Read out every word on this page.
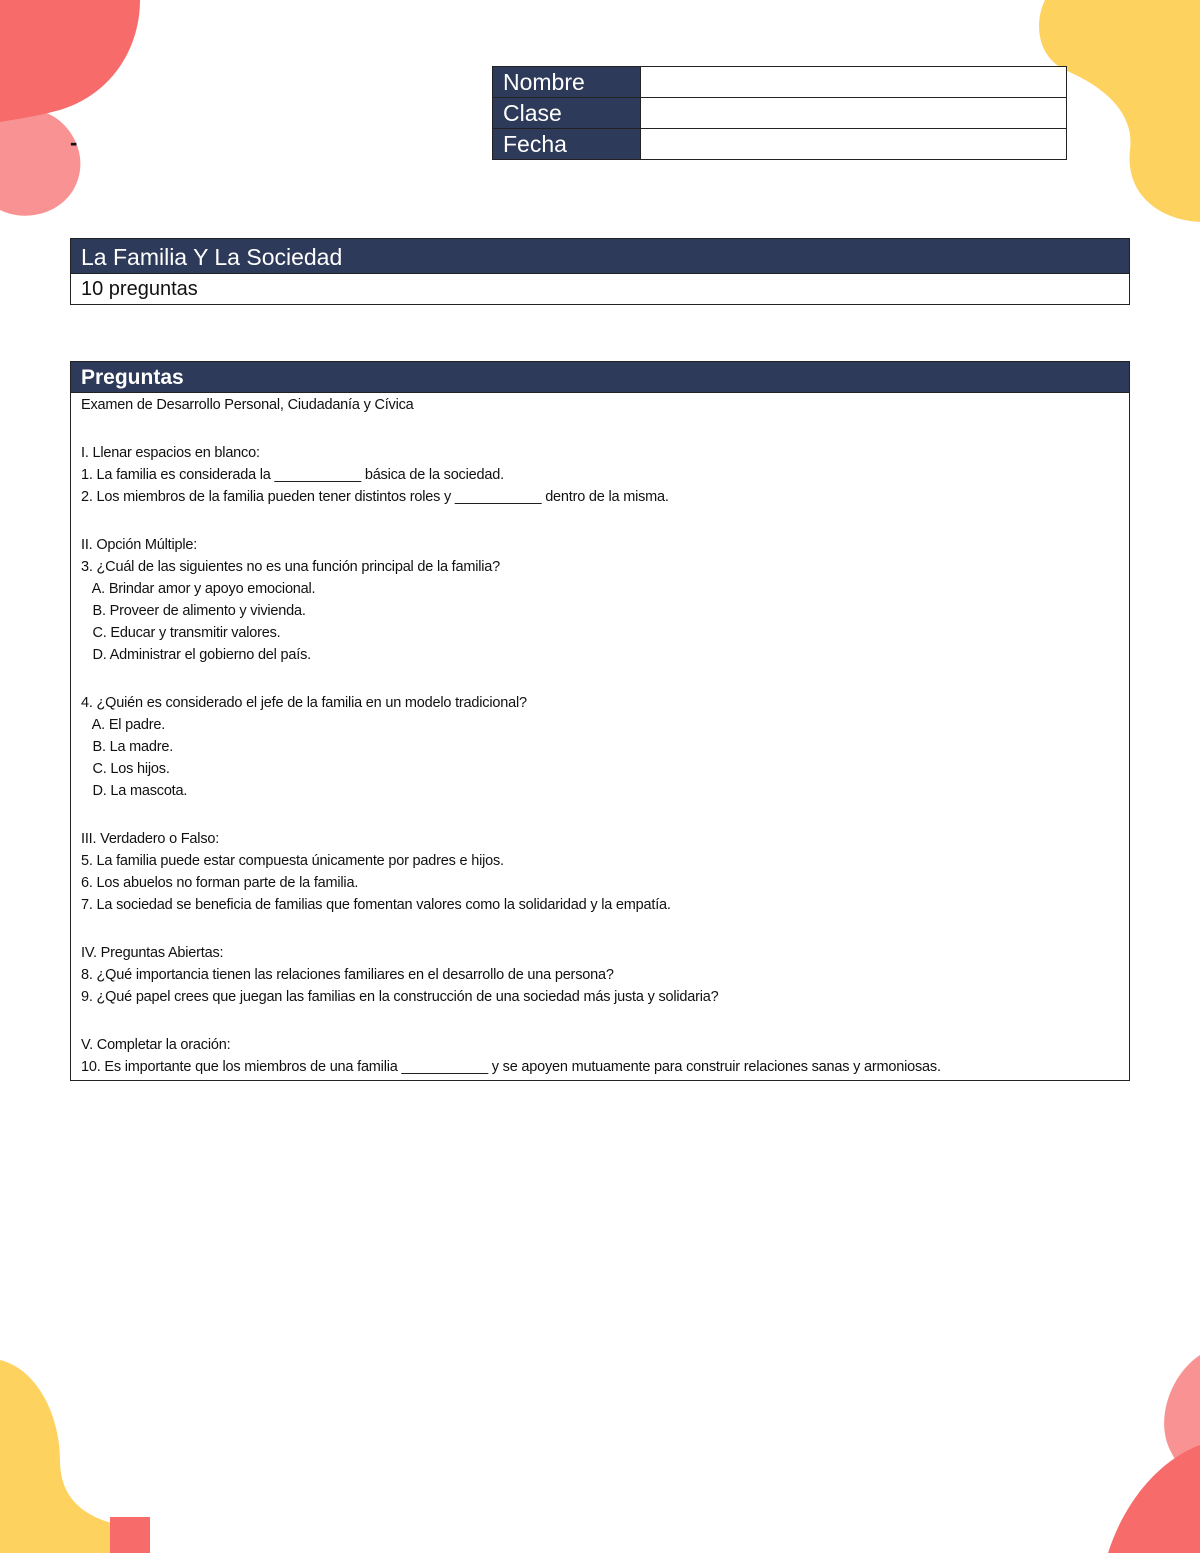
-
Nombre	
Clase	
Fecha	
La Familia Y La Sociedad
10 preguntas
Preguntas
Examen de Desarrollo Personal, Ciudadanía y Cívica
I. Llenar espacios en blanco:
1. La familia es considerada la ___________ básica de la sociedad.
2. Los miembros de la familia pueden tener distintos roles y ___________ dentro de la misma.
II. Opción Múltiple:
3. ¿Cuál de las siguientes no es una función principal de la familia?
A. Brindar amor y apoyo emocional.
B. Proveer de alimento y vivienda.
C. Educar y transmitir valores.
D. Administrar el gobierno del país.
4. ¿Quién es considerado el jefe de la familia en un modelo tradicional?
A. El padre.
B. La madre.
C. Los hijos.
D. La mascota.
III. Verdadero o Falso:
5. La familia puede estar compuesta únicamente por padres e hijos.
6. Los abuelos no forman parte de la familia.
7. La sociedad se beneficia de familias que fomentan valores como la solidaridad y la empatía.
IV. Preguntas Abiertas:
8. ¿Qué importancia tienen las relaciones familiares en el desarrollo de una persona?
9. ¿Qué papel crees que juegan las familias en la construcción de una sociedad más justa y solidaria?
V. Completar la oración:
10. Es importante que los miembros de una familia ___________ y se apoyen mutuamente para construir relaciones sanas y armoniosas.
